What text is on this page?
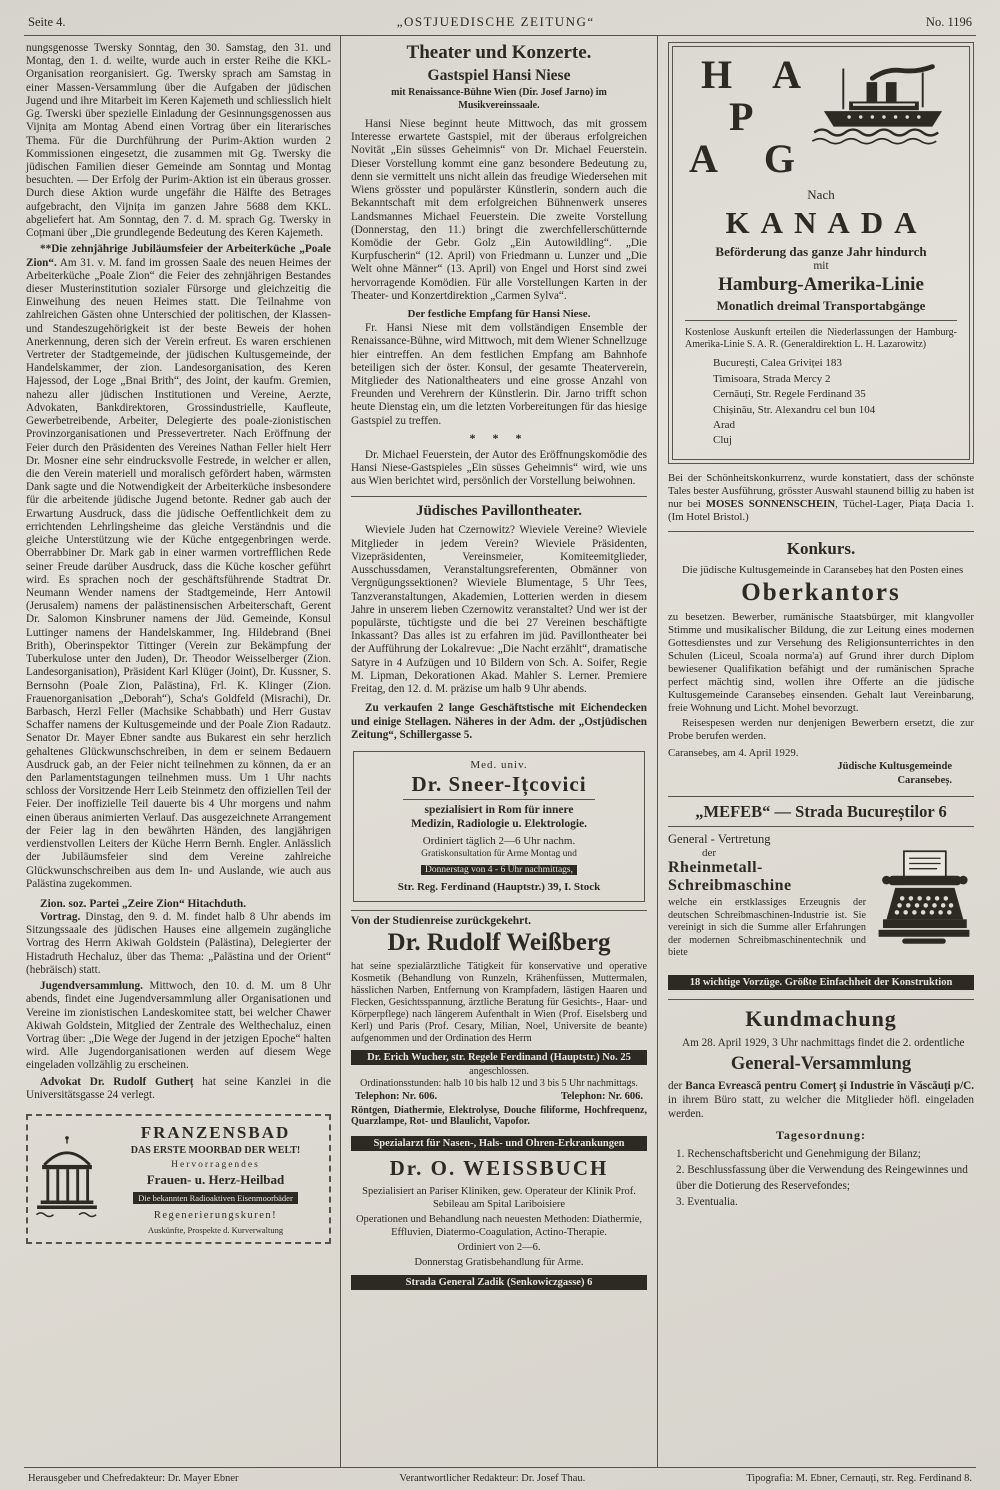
Seite 4.	„OSTJUEDISCHE ZEITUNG“	No. 1196

nungsgenosse Twersky Sonntag, den 30. Samstag, den 31. und Montag, den 1. d. weilte, wurde auch in erster Reihe die KKL-Organisation reorganisiert. Gg. Twersky sprach am Samstag in einer Massen-Versammlung über die Aufgaben der jüdischen Jugend und ihre Mitarbeit im Keren Kajemeth und schliesslich hielt Gg. Twerski über spezielle Einladung der Gesinnungsgenossen aus Vijnița am Montag Abend einen Vortrag über ein literarisches Thema. Für die Durchführung der Purim-Aktion wurden 2 Kommissionen eingesetzt, die zusammen mit Gg. Twersky die jüdischen Familien dieser Gemeinde am Sonntag und Montag besuchten. — Der Erfolg der Purim-Aktion ist ein überaus grosser. Durch diese Aktion wurde ungefähr die Hälfte des Betrages aufgebracht, den Vijnița im ganzen Jahre 5688 dem KKL. abgeliefert hat. Am Sonntag, den 7. d. M. sprach Gg. Twersky in Coțmani über „Die grundlegende Bedeutung des Keren Kajemeth.

**Die zehnjährige Jubiläumsfeier der Arbeiterküche „Poale Zion“. Am 31. v. M. fand im grossen Saale des neuen Heimes der Arbeiterküche „Poale Zion“ die Feier des zehnjährigen Bestandes dieser Musterinstitution sozialer Fürsorge und gleichzeitig die Einweihung des neuen Heimes statt. Die Teilnahme von zahlreichen Gästen ohne Unterschied der politischen, der Klassen- und Standeszugehörigkeit ist der beste Beweis der hohen Anerkennung, deren sich der Verein erfreut. Es waren erschienen Vertreter der Stadtgemeinde, der jüdischen Kultusgemeinde, der Handelskammer, der zion. Landesorganisation, des Keren Hajessod, der Loge „Bnai Brith“, des Joint, der kaufm. Gremien, nahezu aller jüdischen Institutionen und Vereine, Aerzte, Advokaten, Bankdirektoren, Grossindustrielle, Kaufleute, Gewerbetreibende, Arbeiter, Delegierte des poale-zionistischen Provinzorganisationen und Pressevertreter. Nach Eröffnung der Feier durch den Präsidenten des Vereines Nathan Feller hielt Herr Dr. Mosner eine sehr eindrucksvolle Festrede, in welcher er allen, die den Verein materiell und moralisch gefördert haben, wärmsten Dank sagte und die Notwendigkeit der Arbeiterküche insbesondere für die arbeitende jüdische Jugend betonte. Redner gab auch der Erwartung Ausdruck, dass die jüdische Oeffentlichkeit dem zu errichtenden Lehrlingsheime das gleiche Verständnis und die gleiche Unterstützung wie der Küche entgegenbringen werde. Oberrabbiner Dr. Mark gab in einer warmen vortrefflichen Rede seiner Freude darüber Ausdruck, dass die Küche koscher geführt wird. Es sprachen noch der geschäftsführende Stadtrat Dr. Neumann Wender namens der Stadtgemeinde, Herr Antowil (Jerusalem) namens der palästinensischen Arbeiterschaft, Gerent Dr. Salomon Kinsbruner namens der Jüd. Gemeinde, Konsul Luttinger namens der Handelskammer, Ing. Hildebrand (Bnei Brith), Oberinspektor Tittinger (Verein zur Bekämpfung der Tuberkulose unter den Juden), Dr. Theodor Weisselberger (Zion. Landesorganisation), Präsident Karl Klüger (Joint), Dr. Kussner, S. Bernsohn (Poale Zion, Palästina), Frl. K. Klinger (Zion. Frauenorganisation „Deborah“), Scha's Goldfeld (Misrachi), Dr. Barbasch, Herzl Feller (Machsike Schabbath) und Herr Gustav Schaffer namens der Kultusgemeinde und der Poale Zion Radautz. Senator Dr. Mayer Ebner sandte aus Bukarest ein sehr herzlich gehaltenes Glückwunschschreiben, in dem er seinem Bedauern Ausdruck gab, an der Feier nicht teilnehmen zu können, da er an den Parlamentstagungen teilnehmen muss. Um 1 Uhr nachts schloss der Vorsitzende Herr Leib Steinmetz den offiziellen Teil der Feier. Der inoffizielle Teil dauerte bis 4 Uhr morgens und nahm einen überaus animierten Verlauf. Das ausgezeichnete Arrangement der Feier lag in den bewährten Händen, des langjährigen verdienstvollen Leiters der Küche Herrn Bernh. Engler. Anlässlich der Jubiläumsfeier sind dem Vereine zahlreiche Glückwunschschreiben aus dem In- und Auslande, wie auch aus Palästina zugekommen.

Zion. soz. Partei „Zeire Zion“ Hitachduth.

Vortrag. Dinstag, den 9. d. M. findet halb 8 Uhr abends im Sitzungssaale des jüdischen Hauses eine allgemein zugängliche Vortrag des Herrn Akiwah Goldstein (Palästina), Delegierter der Histadruth Hechaluz, über das Thema: „Palästina und der Orient“ (hebräisch) statt.

Jugendversammlung. Mittwoch, den 10. d. M. um 8 Uhr abends, findet eine Jugendversammlung aller Organisationen und Vereine im zionistischen Landeskomitee statt, bei welcher Chawer Akiwah Goldstein, Mitglied der Zentrale des Welthechaluz, einen Vortrag über: „Die Wege der Jugend in der jetzigen Epoche“ halten wird. Alle Jugendorganisationen werden auf diesem Wege eingeladen vollzählig zu erscheinen.

Advokat Dr. Rudolf Gutherț hat seine Kanzlei in die Universitätsgasse 24 verlegt.

FRANZENSBAD
DAS ERSTE MOORBAD DER WELT!
Hervorragendes
Frauen- u. Herz-Heilbad
Die bekannten Radioaktiven Eisenmoorbäder
Regenerierungskuren!
Auskünfte, Prospekte d. Kurverwaltung
Theater und Konzerte.
Gastspiel Hansi Niese
mit Renaissance-Bühne Wien (Dir. Josef Jarno) im Musikvereinssaale.

Hansi Niese beginnt heute Mittwoch, das mit grossem Interesse erwartete Gastspiel, mit der überaus erfolgreichen Novität „Ein süsses Geheimnis“ von Dr. Michael Feuerstein. Dieser Vorstellung kommt eine ganz besondere Bedeutung zu, denn sie vermittelt uns nicht allein das freudige Wiedersehen mit Wiens grösster und populärster Künstlerin, sondern auch die Bekanntschaft mit dem erfolgreichen Bühnenwerk unseres Landsmannes Michael Feuerstein. Die zweite Vorstellung (Donnerstag, den 11.) bringt die zwerchfellerschütternde Komödie der Gebr. Golz „Ein Autowildling“. „Die Kurpfuscherin“ (12. April) von Friedmann u. Lunzer und „Die Welt ohne Männer“ (13. April) von Engel und Horst sind zwei hervorragende Komödien. Für alle Vorstellungen Karten in der Theater- und Konzertdirektion „Carmen Sylva“.

Der festliche Empfang für Hansi Niese.

Fr. Hansi Niese mit dem vollständigen Ensemble der Renaissance-Bühne, wird Mittwoch, mit dem Wiener Schnellzuge hier eintreffen. An dem festlichen Empfang am Bahnhofe beteiligen sich der öster. Konsul, der gesamte Theaterverein, Mitglieder des Nationaltheaters und eine grosse Anzahl von Freunden und Verehrern der Künstlerin. Dir. Jarno trifft schon heute Dienstag ein, um die letzten Vorbereitungen für das hiesige Gastspiel zu treffen.

* * *

Dr. Michael Feuerstein, der Autor des Eröffnungskomödie des Hansi Niese-Gastspieles „Ein süsses Geheimnis“ wird, wie uns aus Wien berichtet wird, persönlich der Vorstellung beiwohnen.

Jüdisches Pavillontheater.

Wieviele Juden hat Czernowitz? Wieviele Vereine? Wieviele Mitglieder in jedem Verein? Wieviele Präsidenten, Vizepräsidenten, Vereinsmeier, Komiteemitglieder, Ausschussdamen, Veranstaltungsreferenten, Obmänner von Vergnügungssektionen? Wieviele Blumentage, 5 Uhr Tees, Tanzveranstaltungen, Akademien, Lotterien werden in diesem Jahre in unserem lieben Czernowitz veranstaltet? Und wer ist der populärste, tüchtigste und die bei 27 Vereinen beschäftigte Inkassant? Das alles ist zu erfahren im jüd. Pavillontheater bei der Aufführung der Lokalrevue: „Die Nacht erzählt“, dramatische Satyre in 4 Aufzügen und 10 Bildern von Sch. A. Soifer, Regie M. Lipman, Dekorationen Akad. Mahler S. Lerner. Premiere Freitag, den 12. d. M. präzise um halb 9 Uhr abends.

Zu verkaufen 2 lange Geschäftstische mit Eichendecken und einige Stellagen. Näheres in der Adm. der „Ostjüdischen Zeitung“, Schillergasse 5.

Med. univ.
Dr. Sneer-Ițcovici
spezialisiert in Rom für innere
Medizin, Radiologie u. Elektrologie.
Ordiniert täglich 2—6 Uhr nachm.
Gratiskonsultation für Arme Montag und
Donnerstag von 4 - 6 Uhr nachmittags,
Str. Reg. Ferdinand (Hauptstr.) 39, I. Stock

Von der Studienreise zurückgekehrt.

Dr. Rudolf Weißberg

hat seine spezialärztliche Tätigkeit für konservative und operative Kosmetik (Behandlung von Runzeln, Krähenfüssen, Muttermalen, hässlichen Narben, Entfernung von Krampfadern, lästigen Haaren und Flecken, Gesichtsspannung, ärztliche Beratung für Gesichts-, Haar- und Körperpflege) nach längerem Aufenthalt in Wien (Prof. Eiselsberg und Kerl) und Paris (Prof. Cesary, Milian, Noel, Universite de beante) aufgenommen und der Ordination des Herrn

Dr. Erich Wucher, str. Regele Ferdinand (Hauptstr.) No. 25
angeschlossen.
Ordinationsstunden: halb 10 bis halb 12 und 3 bis 5 Uhr nachmittags.
Telephon: Nr. 606.	Telephon: Nr. 606.

Röntgen, Diathermie, Elektrolyse, Douche filiforme, Hochfrequenz, Quarzlampe, Rot- und Blaulicht, Vapofor.

Spezialarzt für Nasen-, Hals- und Ohren-Erkrankungen
Dr. O. WEISSBUCH
Spezialisiert an Pariser Kliniken, gew. Operateur der Klinik Prof. Sebileau am Spital Lariboisiere
Operationen und Behandlung nach neuesten Methoden: Diathermie, Effluvien, Diatermo-Coagulation, Actino-Therapie.
Ordiniert von 2—6.
Donnerstag Gratisbehandlung für Arme.
Strada General Zadik (Senkowiczgasse) 6
H A
P
A G
Nach
KANADA
Beförderung das ganze Jahr hindurch
mit
Hamburg-Amerika-Linie
Monatlich dreimal Transportabgänge

Kostenlose Auskunft erteilen die Niederlassungen der Hamburg-Amerika-Linie S. A. R. (Generaldirektion L. H. Lazarowitz)

București, Calea Griviței 183
Timisoara, Strada Mercy 2
Cernăuți, Str. Regele Ferdinand 35
Chișinău, Str. Alexandru cel bun 104
Arad
Cluj

Bei der Schönheitskonkurrenz, wurde konstatiert, dass der schönste Tales bester Ausführung, grösster Auswahl staunend billig zu haben ist nur bei MOSES SONNENSCHEIN, Tüchel-Lager, Piața Dacia 1. (Im Hotel Bristol.)

Konkurs.

Die jüdische Kultusgemeinde in Caransebeș hat den Posten eines

Oberkantors

zu besetzen. Bewerber, rumänische Staatsbürger, mit klangvoller Stimme und musikalischer Bildung, die zur Leitung eines modernen Gottesdienstes und zur Versehung des Religionsunterrichtes in den Schulen (Liceul, Scoala norma'a) auf Grund ihrer durch Diplom bewiesener Qualifikation befähigt und der rumänischen Sprache perfect mächtig sind, wollen ihre Offerte an die jüdische Kultusgemeinde Caransebeș einsenden. Gehalt laut Vereinbarung, freie Wohnung und Licht. Mohel bevorzugt.

Reisespesen werden nur denjenigen Bewerbern ersetzt, die zur Probe berufen werden.

Caransebeș, am 4. April 1929.
Jüdische Kultusgemeinde
Caransebeș.
„MEFEB“ — Strada Bucureștilor 6
General - Vertretung
der
Rheinmetall-
Schreibmaschine

welche ein erstklassiges Erzeugnis der deutschen Schreibmaschinen-Industrie ist. Sie vereinigt in sich die Summe aller Erfahrungen der modernen Schreibmaschinentechnik und biete

18 wichtige Vorzüge. Größte Einfachheit der Konstruktion
Kundmachung

Am 28. April 1929, 3 Uhr nachmittags findet die 2. ordentliche

General-Versammlung

der Banca Evrească pentru Comerț și Industrie în Văscăuți p/C. in ihrem Büro statt, zu welcher die Mitglieder höfl. eingeladen werden.

Tagesordnung:
1. Rechenschaftsbericht und Genehmigung der Bilanz;
2. Beschlussfassung über die Verwendung des Reingewinnes und über die Dotierung des Reservefondes;
3. Eventualia.
Herausgeber und Chefredakteur: Dr. Mayer Ebner	Verantwortlicher Redakteur: Dr. Josef Thau.	Tipografia: M. Ebner, Cernauți, str. Reg. Ferdinand 8.
